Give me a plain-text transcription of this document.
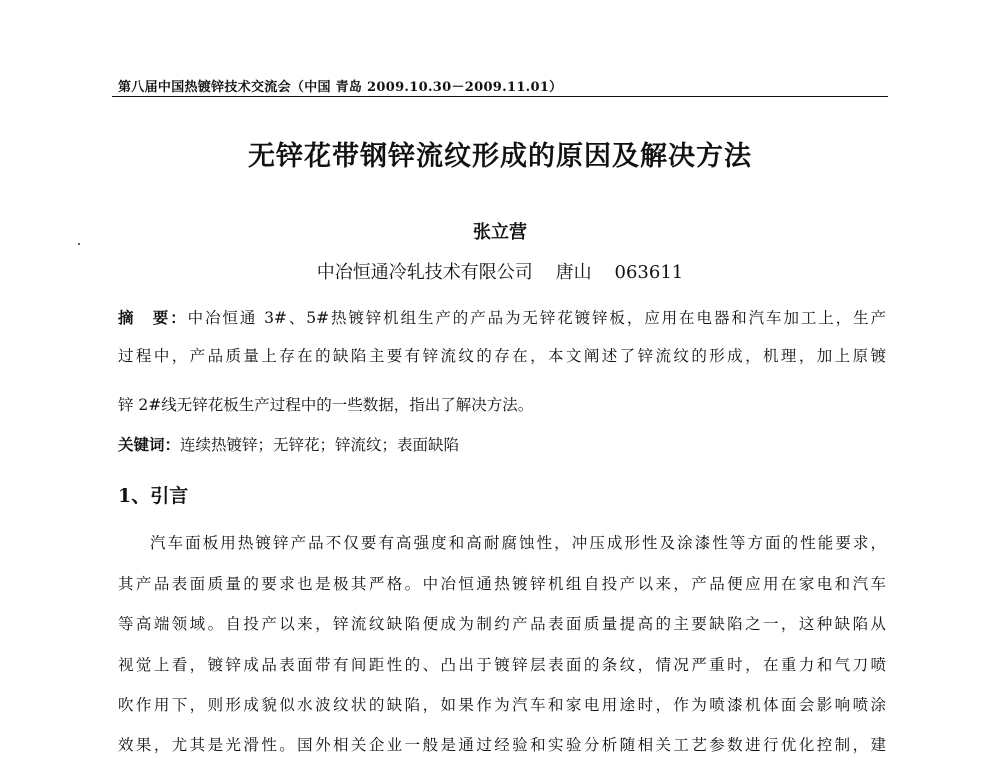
第八届中国热镀锌技术交流会（中国 青岛 2009.10.30－2009.11.01）
无锌花带钢锌流纹形成的原因及解决方法
张立营
中冶恒通冷轧技术有限公司    唐山    063611
摘　要：中冶恒通 3#、5#热镀锌机组生产的产品为无锌花镀锌板，应用在电器和汽车加工上，生产
过程中，产品质量上存在的缺陷主要有锌流纹的存在，本文阐述了锌流纹的形成，机理，加上原镀
锌 2#线无锌花板生产过程中的一些数据，指出了解决方法。
关键词：连续热镀锌；无锌花；锌流纹；表面缺陷
1、引言
汽车面板用热镀锌产品不仅要有高强度和高耐腐蚀性，冲压成形性及涂漆性等方面的性能要求，
其产品表面质量的要求也是极其严格。中冶恒通热镀锌机组自投产以来，产品便应用在家电和汽车
等高端领域。自投产以来，锌流纹缺陷便成为制约产品表面质量提高的主要缺陷之一，这种缺陷从
视觉上看，镀锌成品表面带有间距性的、凸出于镀锌层表面的条纹，情况严重时，在重力和气刀喷
吹作用下，则形成貌似水波纹状的缺陷，如果作为汽车和家电用途时，作为喷漆机体面会影响喷涂
效果，尤其是光滑性。国外相关企业一般是通过经验和实验分析随相关工艺参数进行优化控制，建
